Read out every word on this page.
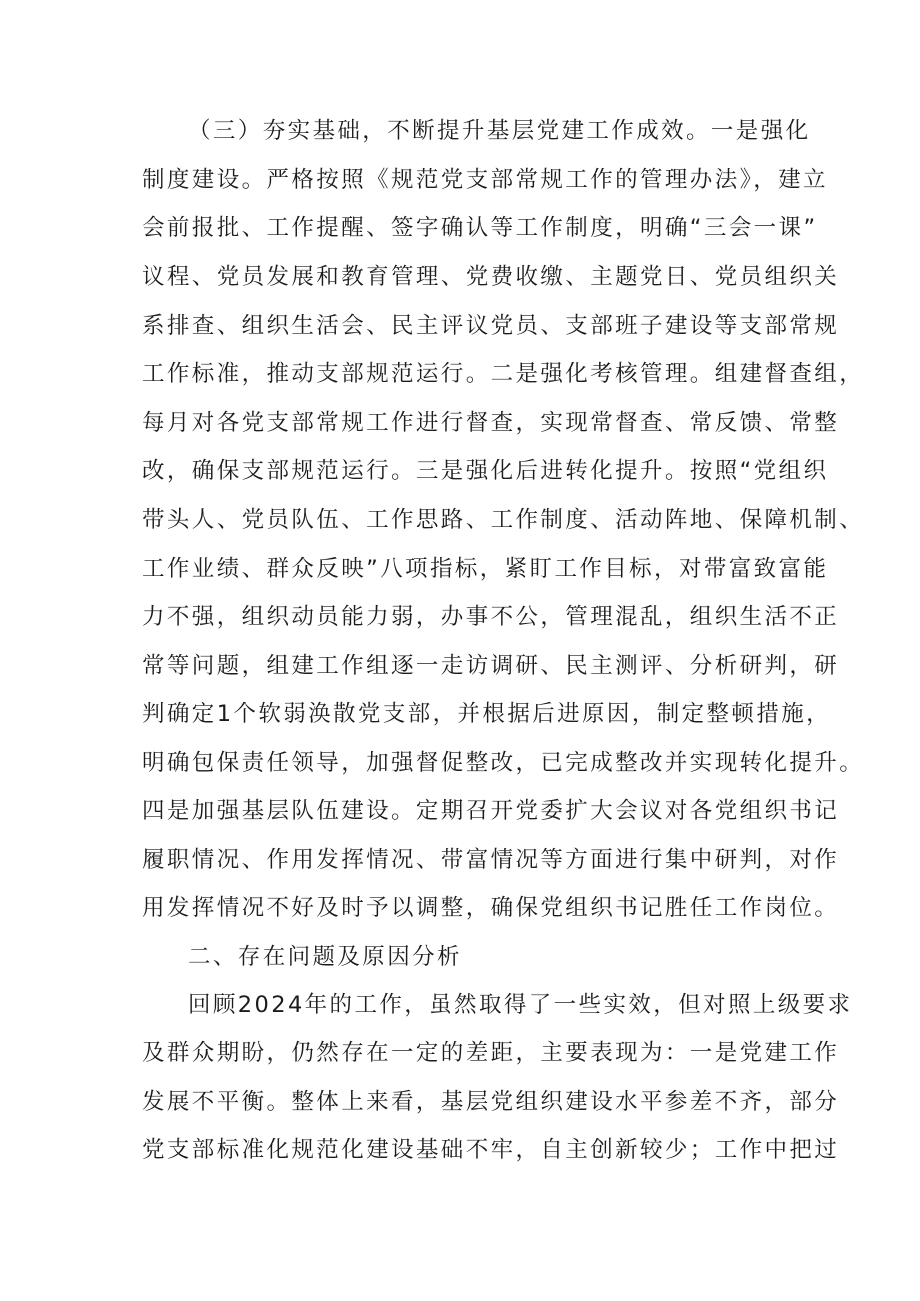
（三）夯实基础，不断提升基层党建工作成效。一是强化
制度建设。严格按照《规范党支部常规工作的管理办法》，建立
会前报批、工作提醒、签字确认等工作制度，明确“三会一课”
议程、党员发展和教育管理、党费收缴、主题党日、党员组织关
系排查、组织生活会、民主评议党员、支部班子建设等支部常规
工作标准，推动支部规范运行。二是强化考核管理。组建督查组，
每月对各党支部常规工作进行督查，实现常督查、常反馈、常整
改，确保支部规范运行。三是强化后进转化提升。按照“党组织
带头人、党员队伍、工作思路、工作制度、活动阵地、保障机制、
工作业绩、群众反映”八项指标，紧盯工作目标，对带富致富能
力不强，组织动员能力弱，办事不公，管理混乱，组织生活不正
常等问题，组建工作组逐一走访调研、民主测评、分析研判，研
判确定1个软弱涣散党支部，并根据后进原因，制定整顿措施，
明确包保责任领导，加强督促整改，已完成整改并实现转化提升。
四是加强基层队伍建设。定期召开党委扩大会议对各党组织书记
履职情况、作用发挥情况、带富情况等方面进行集中研判，对作
用发挥情况不好及时予以调整，确保党组织书记胜任工作岗位。
二、存在问题及原因分析
回顾2024年的工作，虽然取得了一些实效，但对照上级要求
及群众期盼，仍然存在一定的差距，主要表现为：一是党建工作
发展不平衡。整体上来看，基层党组织建设水平参差不齐，部分
党支部标准化规范化建设基础不牢，自主创新较少；工作中把过
